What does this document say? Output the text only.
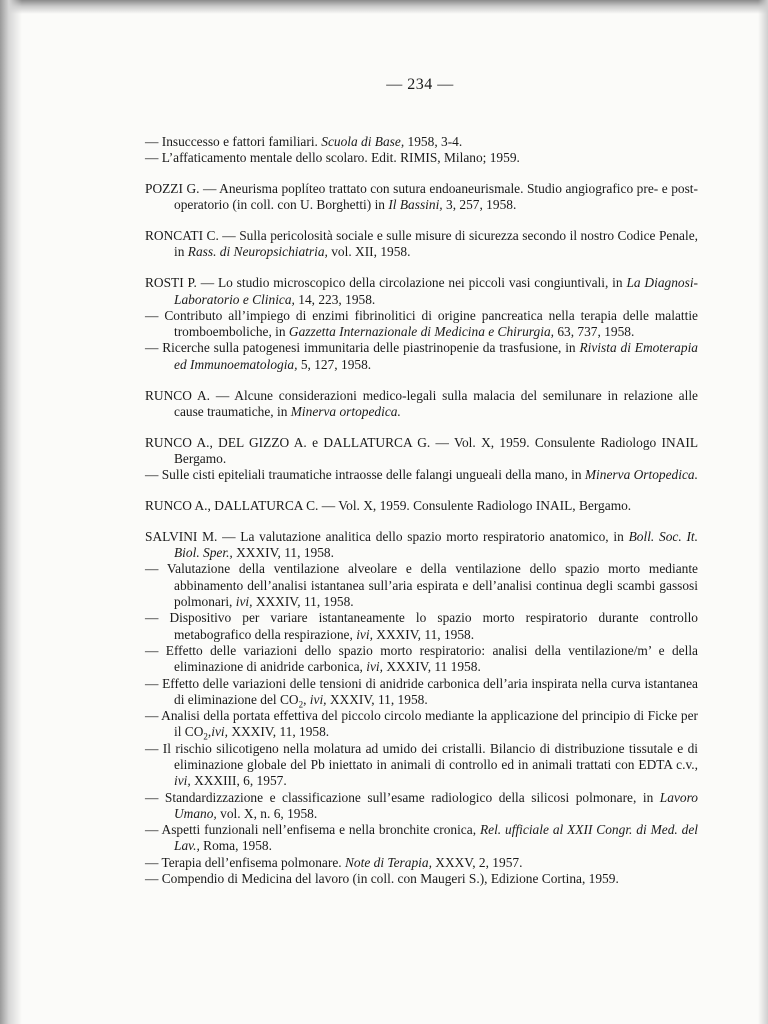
— 234 —

— Insuccesso e fattori familiari. Scuola di Base, 1958, 3-4.

— L’affaticamento mentale dello scolaro. Edit. RIMIS, Milano; 1959.

POZZI G. — Aneurisma poplíteo trattato con sutura endoaneurismale. Studio angiografico pre- e post-operatorio (in coll. con U. Borghetti) in Il Bassini, 3, 257, 1958.

RONCATI C. — Sulla pericolosità sociale e sulle misure di sicurezza secondo il nostro Codice Penale, in Rass. di Neuropsichiatria, vol. XII, 1958.

ROSTI P. — Lo studio microscopico della circolazione nei piccoli vasi congiuntivali, in La Diagnosi-Laboratorio e Clinica, 14, 223, 1958.

— Contributo all’impiego di enzimi fibrinolitici di origine pancreatica nella terapia delle malattie tromboemboliche, in Gazzetta Internazionale di Medicina e Chirurgia, 63, 737, 1958.

— Ricerche sulla patogenesi immunitaria delle piastrinopenie da trasfusione, in Rivista di Emoterapia ed Immunoematologia, 5, 127, 1958.

RUNCO A. — Alcune considerazioni medico-legali sulla malacia del semilunare in relazione alle cause traumatiche, in Minerva ortopedica.

RUNCO A., DEL GIZZO A. e DALLATURCA G. — Vol. X, 1959. Consulente Radiologo INAIL Bergamo.

— Sulle cisti epiteliali traumatiche intraosse delle falangi ungueali della mano, in Minerva Ortopedica.

RUNCO A., DALLATURCA C. — Vol. X, 1959. Consulente Radiologo INAIL, Bergamo.

SALVINI M. — La valutazione analitica dello spazio morto respiratorio anatomico, in Boll. Soc. It. Biol. Sper., XXXIV, 11, 1958.

— Valutazione della ventilazione alveolare e della ventilazione dello spazio morto mediante abbinamento dell’analisi istantanea sull’aria espirata e dell’analisi continua degli scambi gassosi polmonari, ivi, XXXIV, 11, 1958.

— Dispositivo per variare istantaneamente lo spazio morto respiratorio durante controllo metabografico della respirazione, ivi, XXXIV, 11, 1958.

— Effetto delle variazioni dello spazio morto respiratorio: analisi della ventilazione/m’ e della eliminazione di anidride carbonica, ivi, XXXIV, 11 1958.

— Effetto delle variazioni delle tensioni di anidride carbonica dell’aria inspirata nella curva istantanea di eliminazione del $CO_2$, ivi, XXXIV, 11, 1958.

— Analisi della portata effettiva del piccolo circolo mediante la applicazione del principio di Ficke per il $CO_2,ivi$, XXXIV, 11, 1958.

— Il rischio silicotigeno nella molatura ad umido dei cristalli. Bilancio di distribuzione tissutale e di eliminazione globale del Pb iniettato in animali di controllo ed in animali trattati con EDTA c.v., ivi, XXXIII, 6, 1957.

— Standardizzazione e classificazione sull’esame radiologico della silicosi polmonare, in Lavoro Umano, vol. X, n. 6, 1958.

— Aspetti funzionali nell’enfisema e nella bronchite cronica, Rel. ufficiale al XXII Congr. di Med. del Lav., Roma, 1958.

— Terapia dell’enfisema polmonare. Note di Terapia, XXXV, 2, 1957.

— Compendio di Medicina del lavoro (in coll. con Maugeri S.), Edizione Cortina, 1959.
